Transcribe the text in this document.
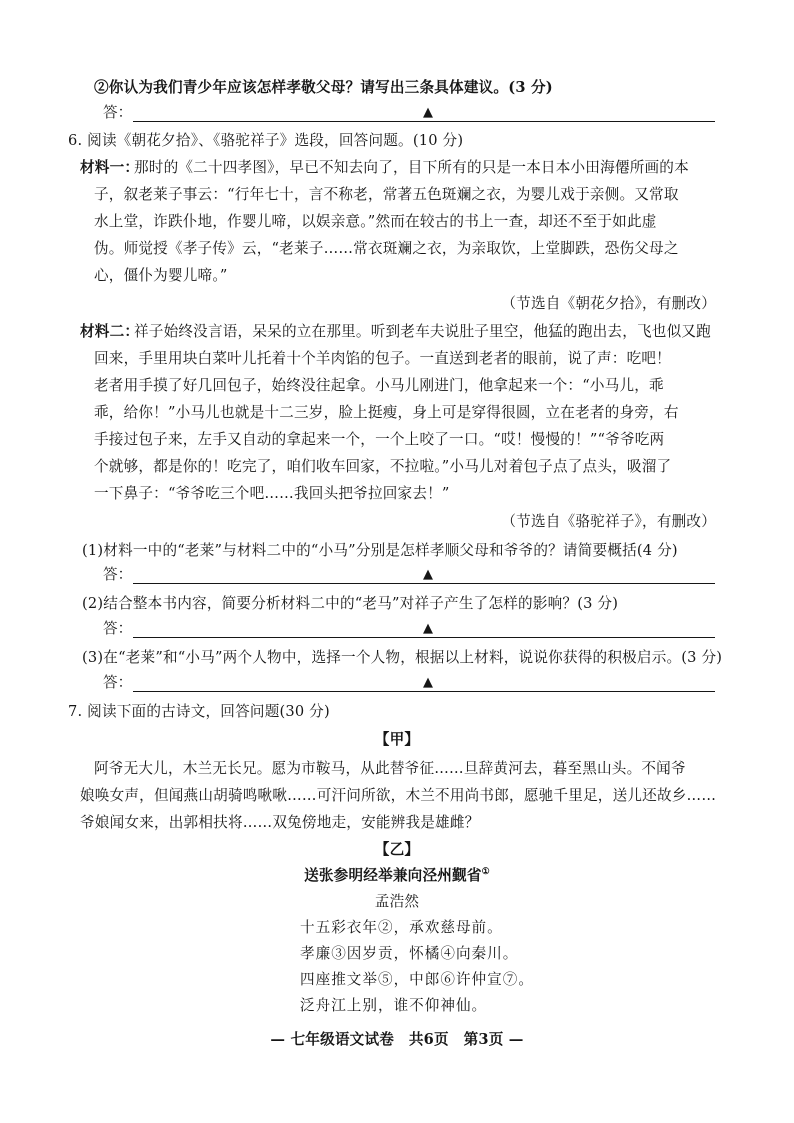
②你认为我们青少年应该怎样孝敬父母？请写出三条具体建议。(3 分)
答：	▲
6. 阅读《朝花夕拾》、《骆驼祥子》选段，回答问题。(10 分)
材料一：
那时的《二十四孝图》，早已不知去向了，目下所有的只是一本日本小田海僊所画的本
子，叙老莱子事云：“行年七十，言不称老，常著五色斑斓之衣，为婴儿戏于亲侧。又常取
水上堂，诈跌仆地，作婴儿啼，以娱亲意。”然而在较古的书上一查，却还不至于如此虚
伪。师觉授《孝子传》云，“老莱子……常衣斑斓之衣，为亲取饮，上堂脚跌，恐伤父母之
心，僵仆为婴儿啼。”
（节选自《朝花夕拾》，有删改）
材料二：
祥子始终没言语，呆呆的立在那里。听到老车夫说肚子里空，他猛的跑出去，飞也似又跑
回来，手里用块白菜叶儿托着十个羊肉馅的包子。一直送到老者的眼前，说了声：吃吧！
老者用手摸了好几回包子，始终没往起拿。小马儿刚进门，他拿起来一个：“小马儿，乖
乖，给你！”小马儿也就是十二三岁，脸上挺瘦，身上可是穿得很圆，立在老者的身旁，右
手接过包子来，左手又自动的拿起来一个，一个上咬了一口。“哎！慢慢的！”“爷爷吃两
个就够，都是你的！吃完了，咱们收车回家，不拉啦。”小马儿对着包子点了点头，吸溜了
一下鼻子：“爷爷吃三个吧……我回头把爷拉回家去！”
（节选自《骆驼祥子》，有删改）
(1)材料一中的“老莱”与材料二中的“小马”分别是怎样孝顺父母和爷爷的？请简要概括(4 分)
答：	▲
(2)结合整本书内容，简要分析材料二中的“老马”对祥子产生了怎样的影响？(3 分)
答：	▲
(3)在“老莱”和“小马”两个人物中，选择一个人物，根据以上材料，说说你获得的积极启示。(3 分)
答：	▲
7. 阅读下面的古诗文，回答问题(30 分)
【甲】
阿爷无大儿，木兰无长兄。愿为市鞍马，从此替爷征……旦辞黄河去，暮至黑山头。不闻爷
娘唤女声，但闻燕山胡骑鸣啾啾……可汗问所欲，木兰不用尚书郎，愿驰千里足，送儿还故乡……
爷娘闻女来，出郭相扶将……双兔傍地走，安能辨我是雄雌？
【乙】
送张参明经举兼向泾州觐省①
孟浩然
十五彩衣年②，承欢慈母前。
孝廉③因岁贡，怀橘④向秦川。
四座推文举⑤，中郎⑥许仲宣⑦。
泛舟江上别，谁不仰神仙。
— 七年级语文试卷　共6页　第3页 —
